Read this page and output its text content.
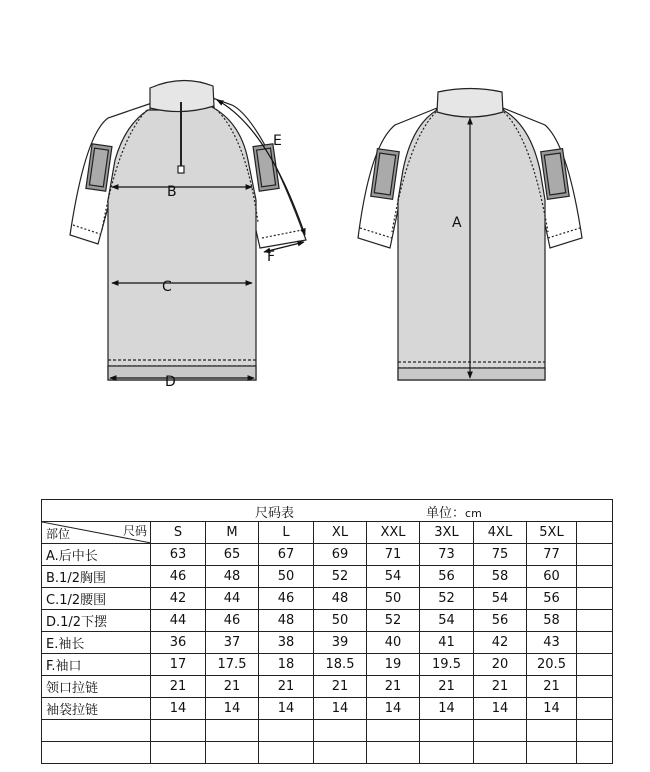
B
C
D
E
F
A
尺码表 单位：cm									

尺码
部位	S	M	L	XL	XXL	3XL	4XL	5XL	
A.后中长	63	65	67	69	71	73	75	77	
B.1/2胸围	46	48	50	52	54	56	58	60	
C.1/2腰围	42	44	46	48	50	52	54	56	
D.1/2下摆	44	46	48	50	52	54	56	58	
E.袖长	36	37	38	39	40	41	42	43	
F.袖口	17	17.5	18	18.5	19	19.5	20	20.5	
领口拉链	21	21	21	21	21	21	21	21	
袖袋拉链	14	14	14	14	14	14	14	14	
